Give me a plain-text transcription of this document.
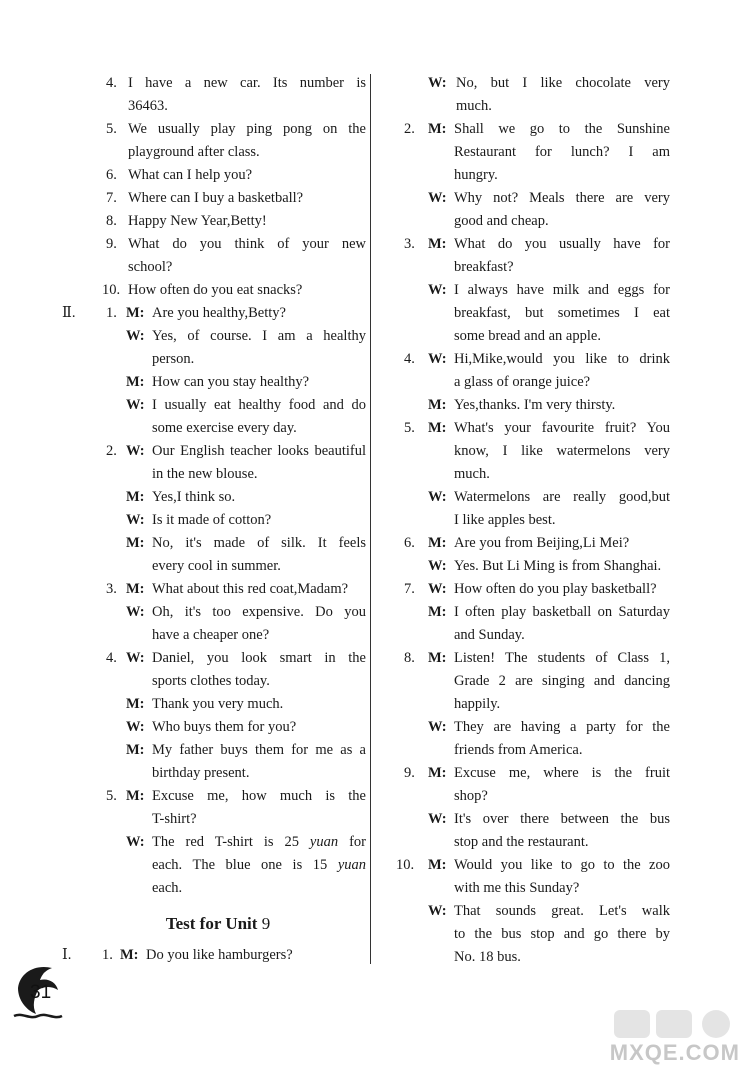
4. I have a new car. Its number is
36463.
5. We usually play ping pong on the
playground after class.
6. What can I help you?
7. Where can I buy a basketball?
8. Happy New Year,Betty!
9. What do you think of your new
school?
10. How often do you eat snacks?
Ⅱ. 1. M: Are you healthy,Betty?
W: Yes, of course. I am a healthy
person.
M: How can you stay healthy?
W: I usually eat healthy food and do
some exercise every day.
2. W: Our English teacher looks beautiful
in the new blouse.
M: Yes,I think so.
W: Is it made of cotton?
M: No, it's made of silk. It feels
every cool in summer.
3. M: What about this red coat,Madam?
W: Oh, it's too expensive. Do you
have a cheaper one?
4. W: Daniel, you look smart in the
sports clothes today.
M: Thank you very much.
W: Who buys them for you?
M: My father buys them for me as a
birthday present.
5. M: Excuse me, how much is the
T-shirt?
W: The red T-shirt is 25 yuan for
each. The blue one is 15 yuan
each.
Test for Unit 9
Ⅰ. 1. M: Do you like hamburgers?
W: No, but I like chocolate very
much.
2. M: Shall we go to the Sunshine
Restaurant for lunch? I am
hungry.
W: Why not? Meals there are very
good and cheap.
3. M: What do you usually have for
breakfast?
W: I always have milk and eggs for
breakfast, but sometimes I eat
some bread and an apple.
4. W: Hi,Mike,would you like to drink
a glass of orange juice?
M: Yes,thanks. I'm very thirsty.
5. M: What's your favourite fruit? You
know, I like watermelons very
much.
W: Watermelons are really good,but
I like apples best.
6. M: Are you from Beijing,Li Mei?
W: Yes. But Li Ming is from Shanghai.
7. W: How often do you play basketball?
M: I often play basketball on Saturday
and Sunday.
8. M: Listen! The students of Class 1,
Grade 2 are singing and dancing
happily.
W: They are having a party for the
friends from America.
9. M: Excuse me, where is the fruit
shop?
W: It's over there between the bus
stop and the restaurant.
10. M: Would you like to go to the zoo
with me this Sunday?
W: That sounds great. Let's walk
to the bus stop and go there by
No. 18 bus.
31
MXQE.COM
